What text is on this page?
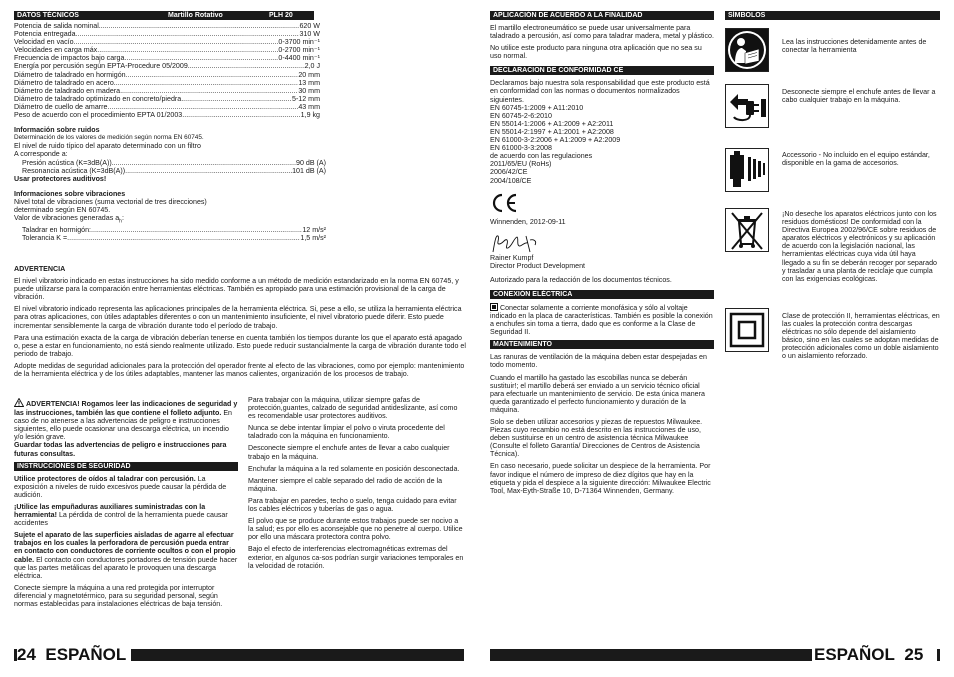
DATOS TÉCNICOS	Martillo Rotativo	PLH 20
Potencia de salida nominal .....	620 W
Potencia entregada .....	310 W
Velocidad en vacío .....	0-3700 min⁻¹
Velocidades en carga máx. .....	0-2700 min⁻¹
Frecuencia de impactos bajo carga .....	0-4400 min⁻¹
Energía por percusión según EPTA-Procedure 05/2009 .....	2,0 J
Diámetro de taladrado en hormigón .....	20 mm
Diámetro de taladrado en acero .....	13 mm
Diámetro de taladrado en madera .....	30 mm
Diámetro de taladrado optimizado en concreto/piedra .....	5-12 mm
Diámetro de cuello de amarre .....	43 mm
Peso de acuerdo con el procedimiento EPTA 01/2003 .....	1,9 kg
Información sobre ruidos
Determinación de los valores de medición según norma EN 60745.
El nivel de ruido típico del aparato determinado con un filtro
A corresponde a:
Presión acústica (K=3dB(A)) .....	90 dB (A)
Resonancia acústica (K=3dB(A)) .....	101 dB (A)
Usar protectores auditivos!
Informaciones sobre vibraciones
Nivel total de vibraciones (suma vectorial de tres direcciones)
determinado según EN 60745.
Valor de vibraciones generadas $a_h$:
Taladrar en hormigón: .....	12 m/s²
Tolerancia K = .....	1,5 m/s²
ADVERTENCIA

El nivel vibratorio indicado en estas instrucciones ha sido medido conforme a un método de medición estandarizado en la norma EN 60745, y puede utilizarse para la comparación entre herramientas eléctricas. También es apropiado para una estimación provisional de la carga de vibración.

El nivel vibratorio indicado representa las aplicaciones principales de la herramienta eléctrica. Si, pese a ello, se utiliza la herramienta eléctrica para otras aplicaciones, con útiles adaptables diferentes o con un mantenimiento insuficiente, el nivel vibratorio puede diferir. Esto puede incrementar sensiblemente la carga de vibración durante todo el período de trabajo.

Para una estimación exacta de la carga de vibración deberían tenerse en cuenta también los tiempos durante los que el aparato está apagado o, pese a estar en funcionamiento, no está siendo realmente utilizado. Esto puede reducir sustancialmente la carga de vibración durante todo el periodo de trabajo.

Adopte medidas de seguridad adicionales para la protección del operador frente al efecto de las vibraciones, como por ejemplo: mantenimiento de la herramienta eléctrica y de los útiles adaptables, mantener las manos calientes, organización de los procesos de trabajo.

ADVERTENCIA! Rogamos leer las indicaciones de seguridad y las instrucciones, también las que contiene el folleto adjunto. En caso de no atenerse a las advertencias de peligro e instrucciones siguientes, ello puede ocasionar una descarga eléctrica, un incendio y/o lesión grave.
Guardar todas las advertencias de peligro e instrucciones para futuras consultas.

INSTRUCCIONES DE SEGURIDAD

Utilice protectores de oídos al taladrar con percusión. La exposición a niveles de ruido excesivos puede causar la pérdida de audición.

¡Utilice las empuñaduras auxiliares suministradas con la herramienta! La pérdida de control de la herramienta puede causar accidentes

Sujete el aparato de las superficies aisladas de agarre al efectuar trabajos en los cuales la perforadora de percusión pueda entrar en contacto con conductores de corriente ocultos o con el propio cable. El contacto con conductores portadores de tensión puede hacer que las partes metálicas del aparato le provoquen una descarga eléctrica.

Conecte siempre la máquina a una red protegida por interruptor diferencial y magnetotérmico, para su seguridad personal, según normas establecidas para instalaciones eléctricas de baja tensión.

Para trabajar con la máquina, utilizar siempre gafas de protección,guantes, calzado de seguridad antideslizante, así como es recomendable usar protectores auditivos.

Nunca se debe intentar limpiar el polvo o viruta procedente del taladrado con la máquina en funcionamiento.

Desconecte siempre el enchufe antes de llevar a cabo cualquier trabajo en la máquina.

Enchufar la máquina a la red solamente en posición desconectada.

Mantener siempre el cable separado del radio de acción de la máquina.

Para trabajar en paredes, techo o suelo, tenga cuidado para evitar los cables eléctricos y tuberías de gas o agua.

El polvo que se produce durante estos trabajos puede ser nocivo a la salud; es por ello es aconsejable que no penetre al cuerpo. Utilice por ello una máscara protectora contra polvo.

Bajo el efecto de interferencias electromagnéticas extremas del exterior, en algunos ca-sos podrían surgir variaciones temporales en la velocidad de rotación.

24 ESPAÑOL
APLICACIÓN DE ACUERDO A LA FINALIDAD

El martillo electroneumático se puede usar universalmente para taladrado a percusión, así como para taladrar madera, metal y plástico.

No utilice este producto para ninguna otra aplicación que no sea su uso normal.

DECLARACION DE CONFORMIDAD CE
Declaramos bajo nuestra sola responsabilidad que este producto está en conformidad con las normas o documentos normalizados siguientes.
EN 60745-1:2009 + A11:2010
EN 60745-2-6:2010
EN 55014-1:2006 + A1:2009 + A2:2011
EN 55014-2:1997 + A1:2001 + A2:2008
EN 61000-3-2:2006 + A1:2009 + A2:2009
EN 61000-3-3:2008
de acuerdo con las regulaciones
2011/65/EU (RoHs)
2006/42/CE
2004/108/CE
Winnenden, 2012-09-11
Rainer Kumpf
Director Product Development
Autorizado para la redacción de los documentos técnicos.
CONEXIÓN ELÉCTRICA

Conectar solamente a corriente monofásica y sólo al voltaje indicado en la placa de características. También es posible la conexión a enchufes sin toma a tierra, dado que es conforme a la Clase de Seguridad II.

MANTENIMIENTO

Las ranuras de ventilación de la máquina deben estar despejadas en todo momento.

Cuando el martillo ha gastado las escobillas nunca se deberán sustituir!; el martillo deberá ser enviado a un servicio técnico oficial para efectuarle un mantenimiento de servicio. De esta única manera queda garantizado el perfecto funcionamiento y duración de la máquina.

Solo se deben utilizar accesorios y piezas de repuestos Milwaukee. Piezas cuyo recambio no está descrito en las instrucciones de uso, deben sustituirse en un centro de asistencia técnica Milwaukee (Consulte el folleto Garantía/ Direcciones de Centros de Asistencia Técnica).

En caso necesario, puede solicitar un despiece de la herramienta. Por favor indique el número de impreso de diez dígitos que hay en la etiqueta y pida el despiece a la siguiente dirección: Milwaukee Electric Tool, Max-Eyth-Straße 10, D-71364 Winnenden, Germany.

SÍMBOLOS
Lea las instrucciones detenidamente antes de conectar la herramienta
Desconecte siempre el enchufe antes de llevar a cabo cualquier trabajo en la máquina.
Accessorio - No incluido en el equipo estándar, disponible en la gama de accesorios.
¡No deseche los aparatos eléctricos junto con los residuos domésticos! De conformidad con la Directiva Europea 2002/96/CE sobre residuos de aparatos eléctricos y electrónicos y su aplicación de acuerdo con la legislación nacional, las herramientas eléctricas cuya vida útil haya llegado a su fin se deberán recoger por separado y trasladar a una planta de reciclaje que cumpla con las exigencias ecológicas.
Clase de protección II, herramientas eléctricas, en las cuales la protección contra descargas eléctricas no sólo depende del aislamiento básico, sino en las cuales se adoptan medidas de protección adicionales como un doble aislamiento o un aislamiento reforzado.
ESPAÑOL 25
